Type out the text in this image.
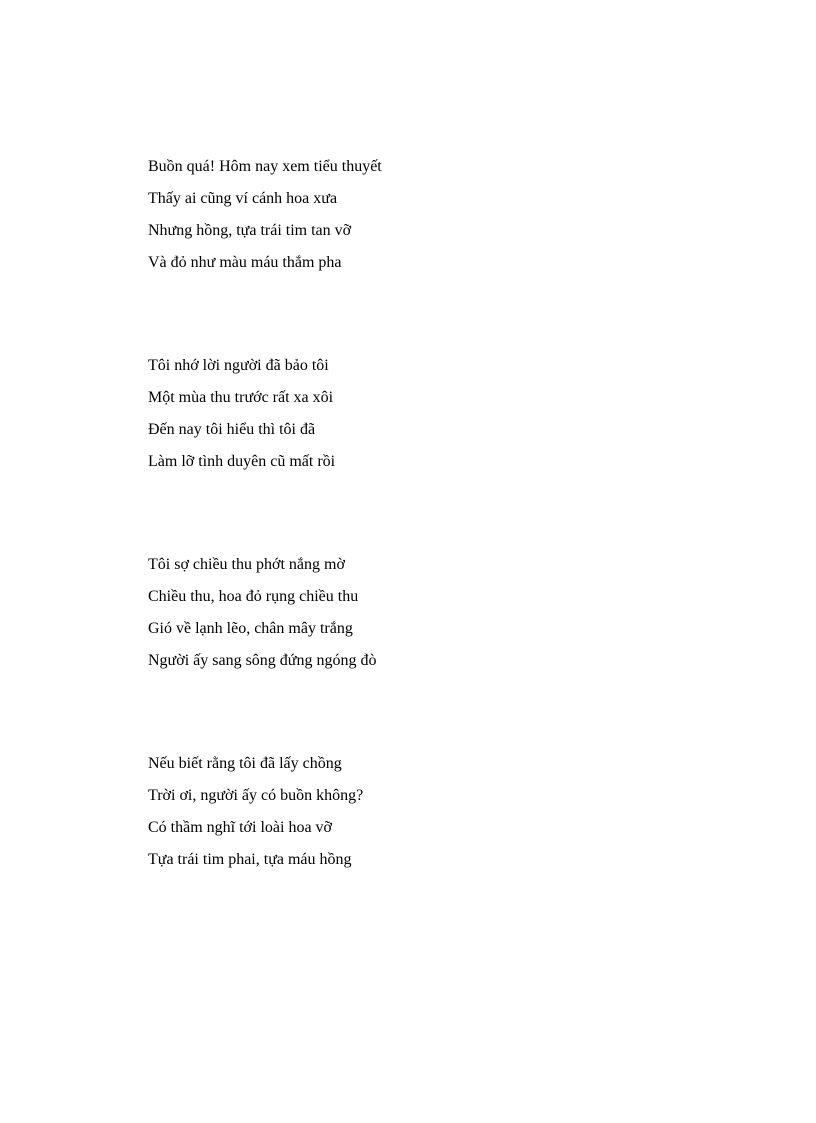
Buồn quá! Hôm nay xem tiểu thuyết
Thấy ai cũng ví cánh hoa xưa
Nhưng hồng, tựa trái tim tan vỡ
Và đỏ như màu máu thắm pha
Tôi nhớ lời người đã bảo tôi
Một mùa thu trước rất xa xôi
Đến nay tôi hiểu thì tôi đã
Làm lỡ tình duyên cũ mất rồi
Tôi sợ chiều thu phớt nắng mờ
Chiều thu, hoa đỏ rụng chiều thu
Gió về lạnh lẽo, chân mây trắng
Người ấy sang sông đứng ngóng đò
Nếu biết rằng tôi đã lấy chồng
Trời ơi, người ấy có buồn không?
Có thầm nghĩ tới loài hoa vỡ
Tựa trái tim phai, tựa máu hồng
